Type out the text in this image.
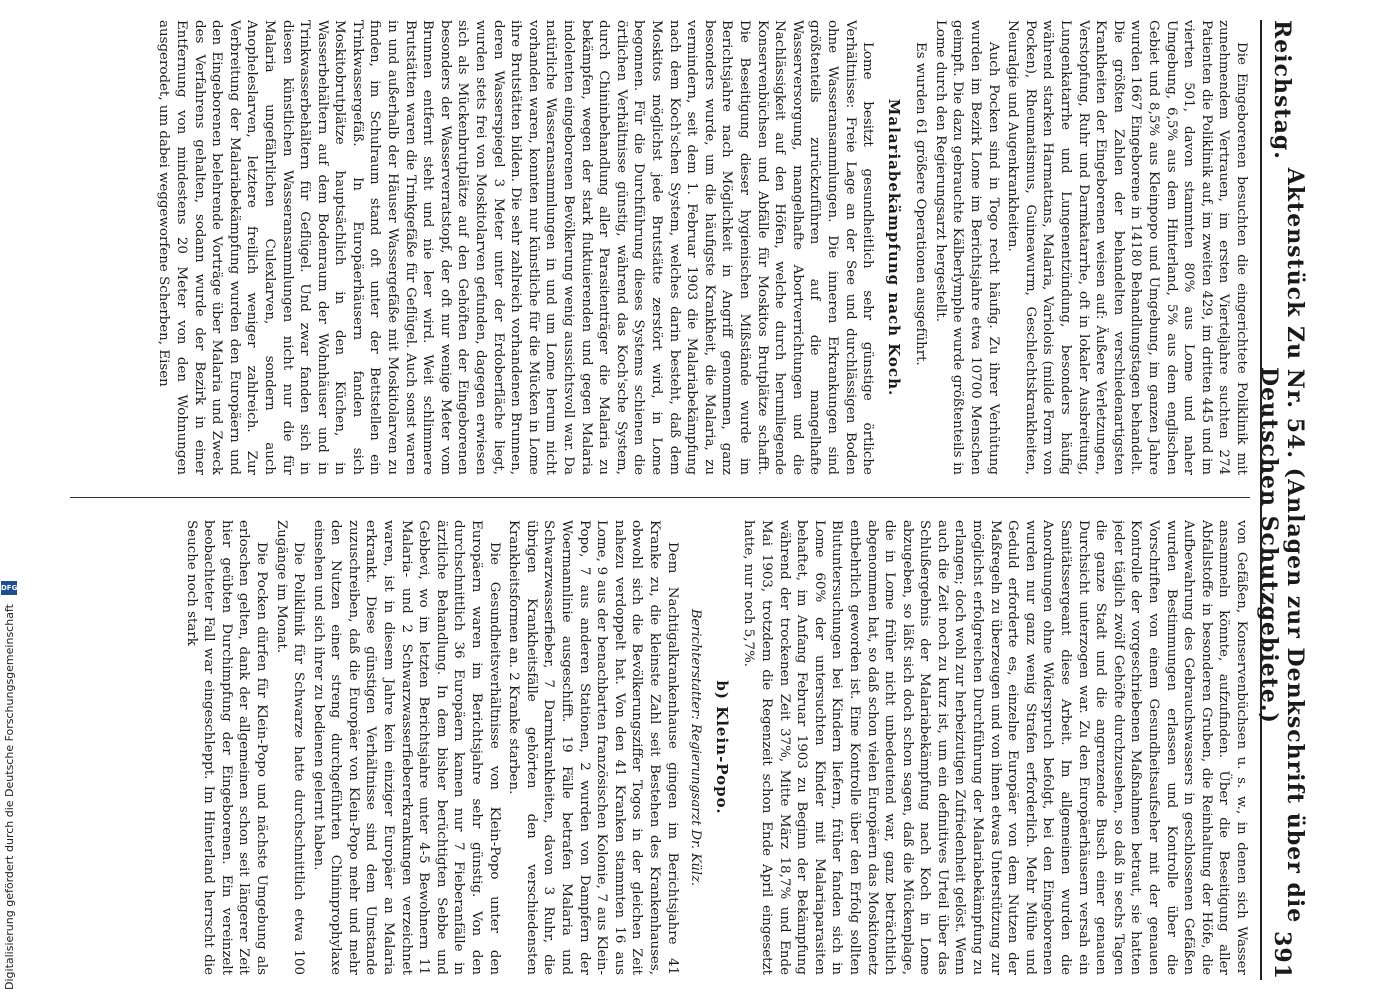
Reichstag.
Aktenstück Zu Nr. 54. (Anlagen zur Denkschrift über die Deutschen Schutzgebiete.)
391

Die Eingeborenen besuchten die eingerichtete Poliklinik mit zunehmendem Vertrauen, im ersten Vierteljahre suchten 274 Patienten die Poliklinik auf, im zweiten 429, im dritten 445 und im vierten 501, davon stammten 80% aus Lome und naher Umgebung, 6,5% aus dem Hinterland, 5% aus dem englischen Gebiet und 8,5% aus Kleinpopo und Umgebung, im ganzen Jahre wurden 1667 Eingeborene in 14180 Behandlungstagen behandelt. Die größten Zahlen der behandelten verschiedenartigsten Krankheiten der Eingeborenen weisen auf: Äußere Verletzungen, Verstopfung, Ruhr und Darmkatarrhe, oft in lokaler Ausbreitung, Lungenkatarrhe und Lungenentzündung, besonders häufig während starken Harmattans, Malaria, Variolois (milde Form von Pocken), Rheumatismus, Guineawurm, Geschlechtskrankheiten, Neuralgie und Augenkrankheiten.

Auch Pocken sind in Togo recht häufig. Zu ihrer Verhütung wurden im Bezirk Lome im Berichtsjahre etwa 10700 Menschen geimpft. Die dazu gebrauchte Kälberlymphe wurde größtenteils in Lome durch den Regierungsarzt hergestellt.

Es wurden 61 größere Operationen ausgeführt.

Malariabekämpfung nach Koch.

Lome besitzt gesundheitlich sehr günstige örtliche Verhältnisse: Freie Lage an der See und durchlässigen Boden ohne Wasseransammlungen. Die inneren Erkrankungen sind größtenteils zurückzuführen auf die mangelhafte Wasserversorgung, mangelhafte Abortverrichtungen und die Nachlässigkeit auf den Höfen, welche durch herumliegende Konservenbüchsen und Abfälle für Moskitos Brutplätze schafft. Die Beseitigung dieser hygienischen Mißstände wurde im Berichtsjahre nach Möglichkeit in Angriff genommen, ganz besonders wurde, um die häufigste Krankheit, die Malaria, zu vermindern, seit dem 1. Februar 1903 die Malariabekämpfung nach dem Koch'schen System, welches darin besteht, daß dem Moskitos möglichst jede Brutstätte zerstört wird, in Lome begonnen. Für die Durchführung dieses Systems schienen die örtlichen Verhältnisse günstig, während das Koch'sche System, durch Chininbehandlung aller Parasitenträger die Malaria zu bekämpfen, wegen der stark fluktuierenden und gegen Malaria indolenten eingeborenen Bevölkerung wenig aussichtsvoll war. Da natürliche Wasseransammlungen in und um Lome herum nicht vorhanden waren, konnten nur künstliche für die Mücken in Lome ihre Brutstätten bilden. Die sehr zahlreich vorhandenen Brunnen, deren Wasserspiegel 3 Meter unter der Erdoberfläche liegt, wurden stets frei von Moskitolarven gefunden, dagegen erwiesen sich als Mückenbrutplätze auf den Gehöften der Eingeborenen besonders der Wasserverratstopf, der oft nur wenige Meter vom Brunnen entfernt steht und nie leer wird. Weit schlimmere Brutstätten waren die Trinkgefäße für Geflügel. Auch sonst waren in und außerhalb der Häuser Wassergefäße mit Moskitolarven zu finden, im Schulraum stand oft unter der Bettstellen ein Trinkwassergefäß. In Europäerhäusern fanden sich Moskitobrutplätze hauptsächlich in den Küchen, in Wasserbehältern auf dem Bodenraum der Wohnhäuser und in Trinkwasserbehältern für Geflügel. Und zwar fanden sich in diesen künstlichen Wasseransammlungen nicht nur die für Malaria ungefährlichen Culexlarven, sondern auch Anopheleslarven, letztere freilich weniger zahlreich. Zur Verbreitung der Malariabekämpfung wurden den Europäern und den Eingeborenen belehrende Vorträge über Malaria und Zweck des Verfahrens gehalten, sodann wurde der Bezirk in einer Entfernung von mindestens 20 Meter von den Wohnungen ausgerodet, um dabei weggeworfene Scherben, Eisen

von Gefäßen, Konservenbüchsen u. s. w., in denen sich Wasser ansammeln könnte, aufzufinden. Über die Beseitigung aller Abfallstoffe in besonderen Gruben, die Reinhaltung der Höfe, die Aufbewahrung des Gebrauchswassers in geschlossenen Gefäßen wurden Bestimmungen erlassen und Kontrolle über die Vorschriften von einem Gesundheitsaufseher mit der genauen Kontrolle der vorgeschriebenen Maßnahmen betraut, sie hatten jeder täglich zwölf Gehöfte durchzusehen, so daß in sechs Tagen die ganze Stadt und die angrenzende Busch einer genauen Durchsicht unterzogen war. Zu den Europäerhäusern versah ein Sanitätssergeant diese Arbeit. Im allgemeinen wurden die Anordnungen ohne Widerspruch befolgt, bei den Eingeborenen wurden nur ganz wenig Strafen erforderlich. Mehr Mühe und Geduld erforderte es, einzelne Europäer von dem Nutzen der Maßregeln zu überzeugen und von ihnen etwas Unterstützung zur möglichst erfolgreichen Durchführung der Malariabekämpfung zu erlangen; doch wohl zur herbeizutigen Zufriedenheit gelöst. Wenn auch die Zeit noch zu kurz ist, um ein definitives Urteil über das Schlußergebnis der Malariabekämpfung nach Koch in Lome abzugeben, so läßt sich doch schon sagen, daß die Mückenplage, die in Lome früher nicht unbedeutend war, ganz beträchtlich abgenommen hat, so daß schon vielen Europäern das Moskitonetz entbehrlich geworden ist. Eine Kontrolle über den Erfolg sollten Blutuntersuchungen bei Kindern liefern, früher fanden sich in Lome 60% der untersuchten Kinder mit Malariaparasiten behaftet, im Anfang Februar 1903 zu Beginn der Bekämpfung während der trockenen Zeit 37%, Mitte März 18,7% und Ende Mai 1903, trotzdem die Regenzeit schon Ende April eingesetzt hatte, nur noch 5,7%.

b) Klein-Popo.
Berichterstatter: Regierungsarzt Dr. Külz.

Dem Nachtigalkrankenhause gingen im Berichtsjahre 41 Kranke zu, die kleinste Zahl seit Bestehen des Krankenhauses, obwohl sich die Bevölkerungsziffer Togos in der gleichen Zeit nahezu verdoppelt hat. Von den 41 Kranken stammten 16 aus Lome, 9 aus der benachbarten französischen Kolonie, 7 aus Klein-Popo, 7 aus anderen Stationen, 2 wurden von Dampfern der Woermannlinie ausgeschifft. 19 Fälle betrafen Malaria und Schwarzwasserfieber, 7 Darmkrankheiten, davon 3 Ruhr, die übrigen Krankheitsfälle gehörten den verschiedensten Krankheitsformen an. 2 Kranke starben.

Die Gesundheitsverhältnisse von Klein-Popo unter den Europäern waren im Berichtsjahre sehr günstig. Von den durchschnittlich 36 Europäern kamen nur 7 Fieberanfälle in ärztliche Behandlung. In dem bisher berüchtigten Sebbe und Gebbevi, wo im letzten Berichtsjahre unter 4-5 Bewohnern 11 Malaria- und 2 Schwarzwasserfiebererkrankungen verzeichnet waren, ist in diesem Jahre kein einziger Europäer an Malaria erkrankt. Diese günstigen Verhältnisse sind dem Umstande zuzuschreiben, daß die Europäer von Klein-Popo mehr und mehr den Nutzen einer streng durchgeführten Chininprophylaxe einsehen und sich ihrer zu bedienen gelernt haben.

Die Poliklinik für Schwarze hatte durchschnittlich etwa 100 Zugänge im Monat.

Die Pocken dürfen für Klein-Popo und nächste Umgebung als erloschen gelten, dank der allgemeinen schon seit längerer Zeit hier geübten Durchimpfung der Eingeborenen. Ein vereinzelt beobachteter Fall war eingeschleppt. Im Hinterland herrscht die Seuche noch stark

Digitalisierung gefördert durch die Deutsche Forschungsgemeinschaft
DFG
